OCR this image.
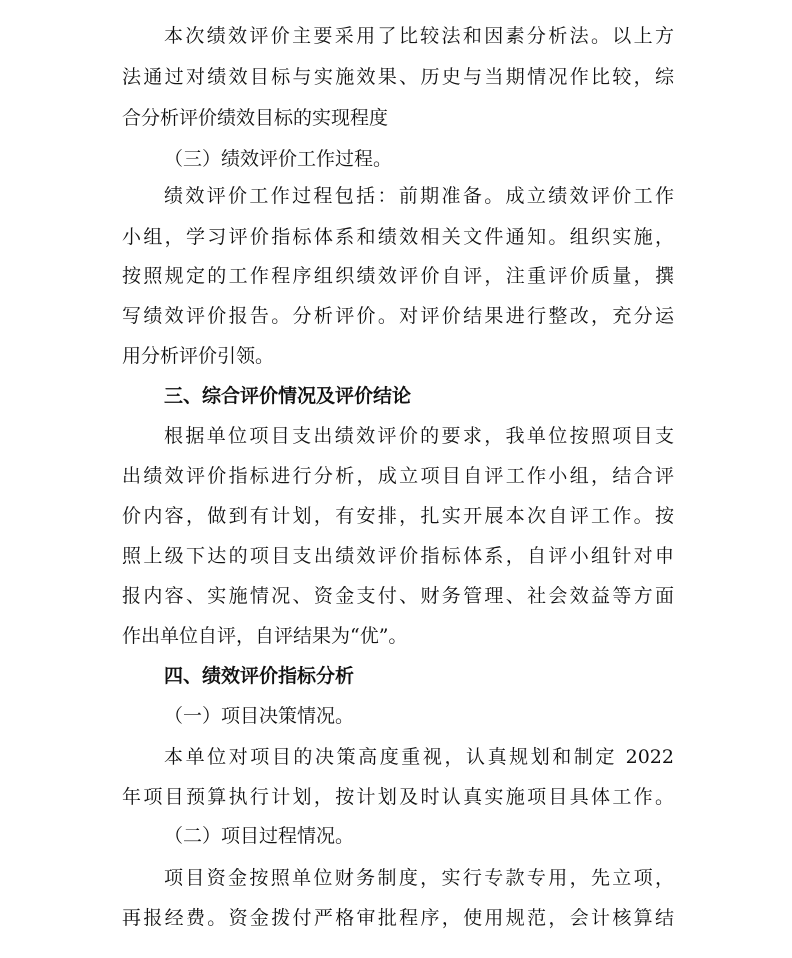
本次绩效评价主要采用了比较法和因素分析法。以上方
法通过对绩效目标与实施效果、历史与当期情况作比较，综
合分析评价绩效目标的实现程度
（三）绩效评价工作过程。
绩效评价工作过程包括：前期准备。成立绩效评价工作
小组，学习评价指标体系和绩效相关文件通知。组织实施，
按照规定的工作程序组织绩效评价自评，注重评价质量，撰
写绩效评价报告。分析评价。对评价结果进行整改，充分运
用分析评价引领。
三、综合评价情况及评价结论
根据单位项目支出绩效评价的要求，我单位按照项目支
出绩效评价指标进行分析，成立项目自评工作小组，结合评
价内容，做到有计划，有安排，扎实开展本次自评工作。按
照上级下达的项目支出绩效评价指标体系，自评小组针对申
报内容、实施情况、资金支付、财务管理、社会效益等方面
作出单位自评，自评结果为“优”。
四、绩效评价指标分析
（一）项目决策情况。
本单位对项目的决策高度重视，认真规划和制定 2022
年项目预算执行计划，按计划及时认真实施项目具体工作。
（二）项目过程情况。
项目资金按照单位财务制度，实行专款专用，先立项，
再报经费。资金拨付严格审批程序，使用规范，会计核算结
